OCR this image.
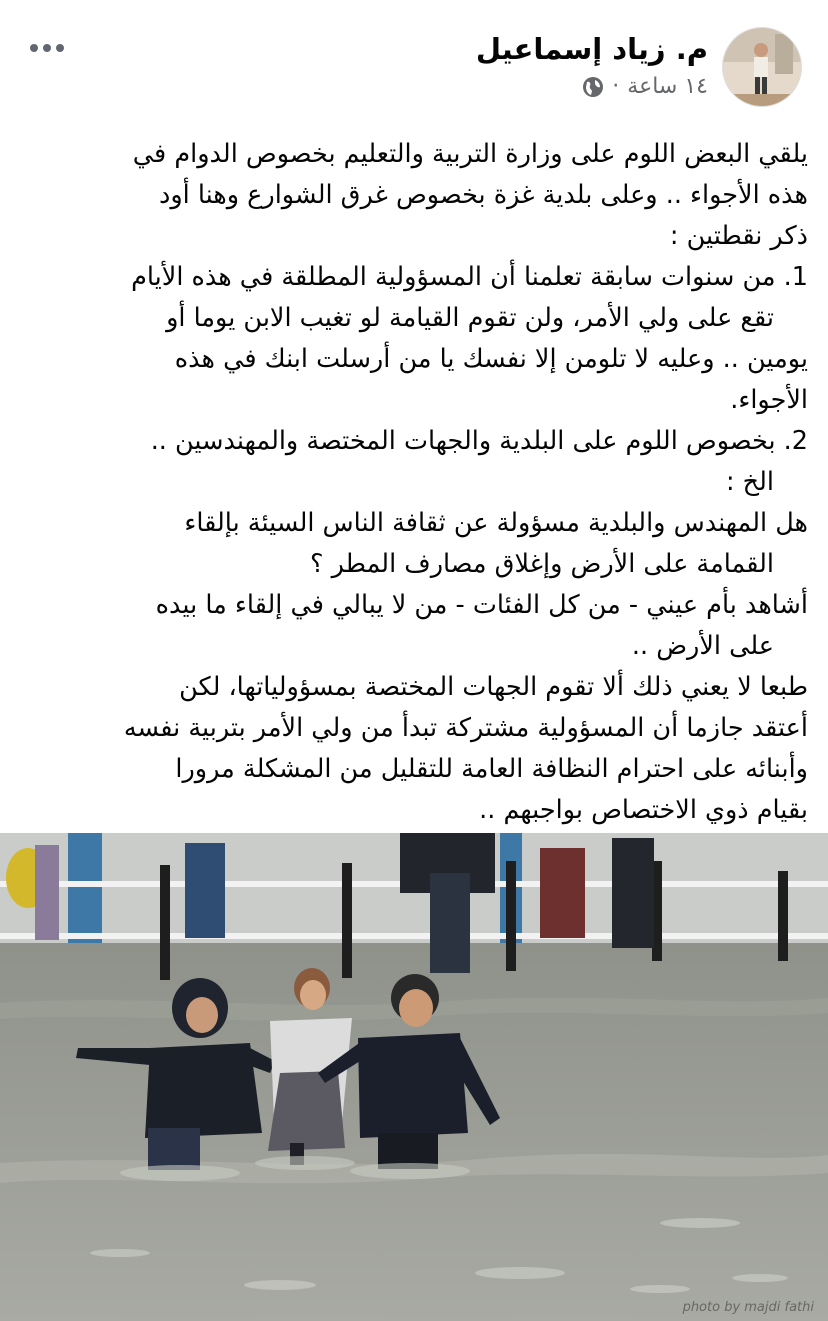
م. زياد إسماعيل
١٤ ساعة
·

يلقي البعض اللوم على وزارة التربية والتعليم بخصوص الدوام في

هذه الأجواء .. وعلى بلدية غزة بخصوص غرق الشوارع وهنا أود

ذكر نقطتين :

1. من سنوات سابقة تعلمنا أن المسؤولية المطلقة في هذه الأيام

تقع على ولي الأمر، ولن تقوم القيامة لو تغيب الابن يوما أو

يومين .. وعليه لا تلومن إلا نفسك يا من أرسلت ابنك في هذه

الأجواء.

2. بخصوص اللوم على البلدية والجهات المختصة والمهندسين ..

الخ :

هل المهندس والبلدية مسؤولة عن ثقافة الناس السيئة بإلقاء

القمامة على الأرض وإغلاق مصارف المطر ؟

أشاهد بأم عيني - من كل الفئات - من لا يبالي في إلقاء ما بيده

على الأرض ..

طبعا لا يعني ذلك ألا تقوم الجهات المختصة بمسؤولياتها، لكن

أعتقد جازما أن المسؤولية مشتركة تبدأ من ولي الأمر بتربية نفسه

وأبنائه على احترام النظافة العامة للتقليل من المشكلة مرورا

بقيام ذوي الاختصاص بواجبهم ..

photo by majdi fathi
